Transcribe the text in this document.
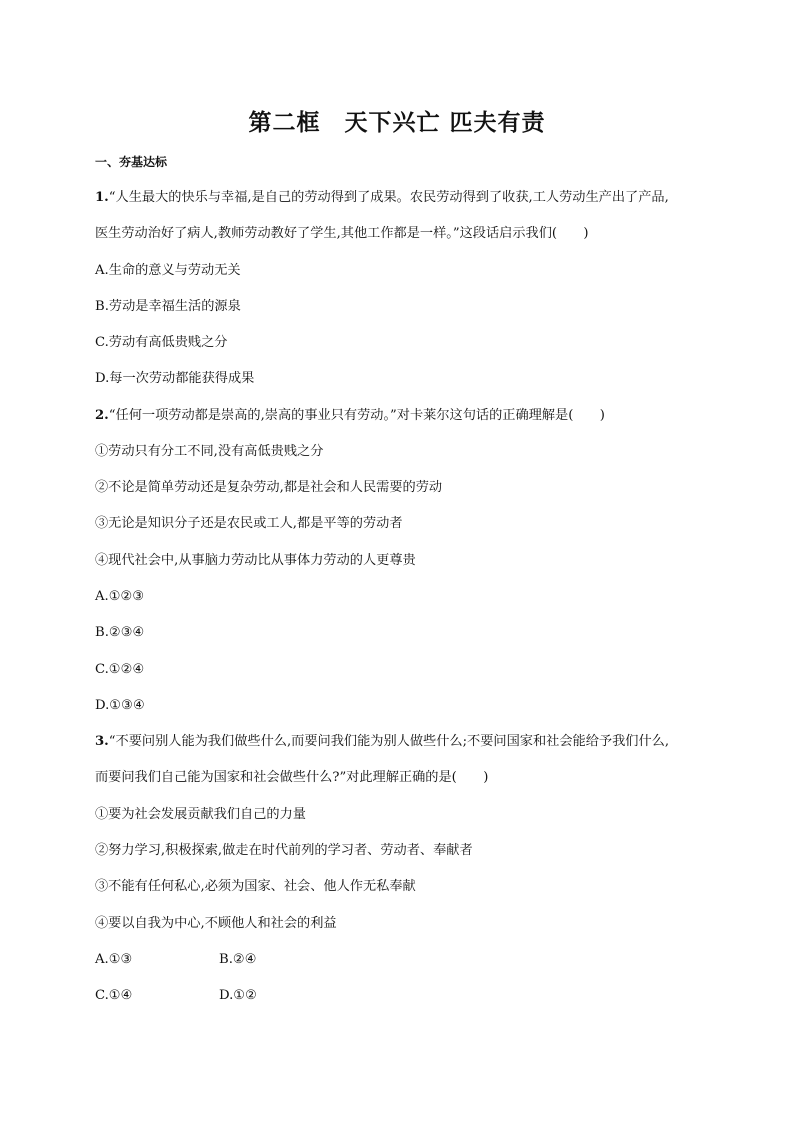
第二框　天下兴亡 匹夫有责
一、夯基达标
1.“人生最大的快乐与幸福,是自己的劳动得到了成果。农民劳动得到了收获,工人劳动生产出了产品,
医生劳动治好了病人,教师劳动教好了学生,其他工作都是一样。”这段话启示我们(　　)
A.生命的意义与劳动无关
B.劳动是幸福生活的源泉
C.劳动有高低贵贱之分
D.每一次劳动都能获得成果
2.“任何一项劳动都是崇高的,崇高的事业只有劳动。”对卡莱尔这句话的正确理解是(　　)
①劳动只有分工不同,没有高低贵贱之分
②不论是简单劳动还是复杂劳动,都是社会和人民需要的劳动
③无论是知识分子还是农民或工人,都是平等的劳动者
④现代社会中,从事脑力劳动比从事体力劳动的人更尊贵
A.①②③
B.②③④
C.①②④
D.①③④
3.“不要问别人能为我们做些什么,而要问我们能为别人做些什么;不要问国家和社会能给予我们什么,
而要问我们自己能为国家和社会做些什么?”对此理解正确的是(　　)
①要为社会发展贡献我们自己的力量
②努力学习,积极探索,做走在时代前列的学习者、劳动者、奉献者
③不能有任何私心,必须为国家、社会、他人作无私奉献
④要以自我为中心,不顾他人和社会的利益
A.①③	B.②④
C.①④	D.①②
